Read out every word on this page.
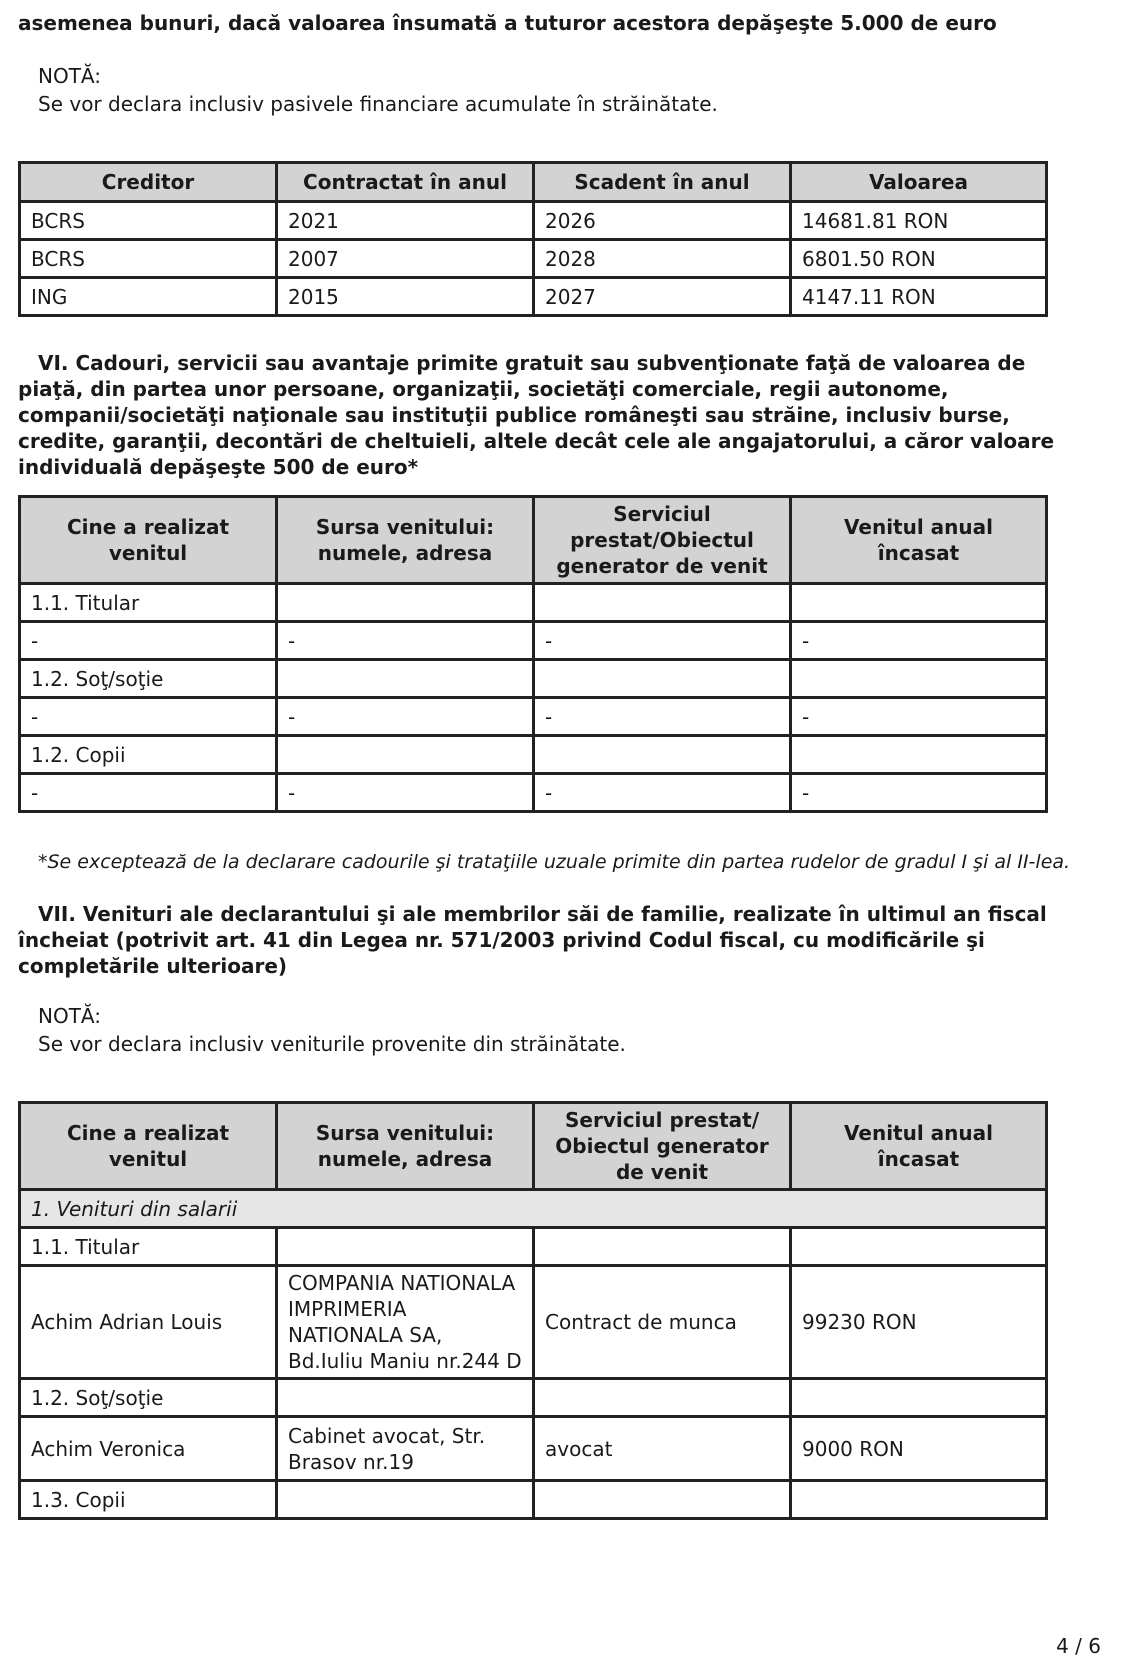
asemenea bunuri, dacă valoarea însumată a tuturor acestora depăşeşte 5.000 de euro
NOTĂ:
Se vor declara inclusiv pasivele financiare acumulate în străinătate.
Creditor	Contractat în anul	Scadent în anul	Valoarea
BCRS	2021	2026	14681.81 RON
BCRS	2007	2028	6801.50 RON
ING	2015	2027	4147.11 RON
VI. Cadouri, servicii sau avantaje primite gratuit sau subvenţionate faţă de valoarea de piaţă, din partea unor persoane, organizaţii, societăţi comerciale, regii autonome, companii/societăţi naţionale sau instituţii publice româneşti sau străine, inclusiv burse, credite, garanţii, decontări de cheltuieli, altele decât cele ale angajatorului, a căror valoare individuală depăşeşte 500 de euro*
Cine a realizat venitul	Sursa venitului: numele, adresa	Serviciul prestat/Obiectul generator de venit	Venitul anual încasat
1.1. Titular			
-	-	-	-
1.2. Soţ/soţie			
-	-	-	-
1.2. Copii			
-	-	-	-
*Se exceptează de la declarare cadourile şi trataţiile uzuale primite din partea rudelor de gradul I şi al II-lea.
VII. Venituri ale declarantului şi ale membrilor săi de familie, realizate în ultimul an fiscal încheiat (potrivit art. 41 din Legea nr. 571/2003 privind Codul fiscal, cu modificările şi completările ulterioare)
NOTĂ:
Se vor declara inclusiv veniturile provenite din străinătate.
Cine a realizat venitul	Sursa venitului: numele, adresa	Serviciul prestat/ Obiectul generator de venit	Venitul anual încasat
1. Venituri din salarii			
1.1. Titular			
Achim Adrian Louis	COMPANIA NATIONALA IMPRIMERIA NATIONALA SA, Bd.Iuliu Maniu nr.244 D	Contract de munca	99230 RON
1.2. Soţ/soţie			
Achim Veronica	Cabinet avocat, Str. Brasov nr.19	avocat	9000 RON
1.3. Copii			
4 / 6
